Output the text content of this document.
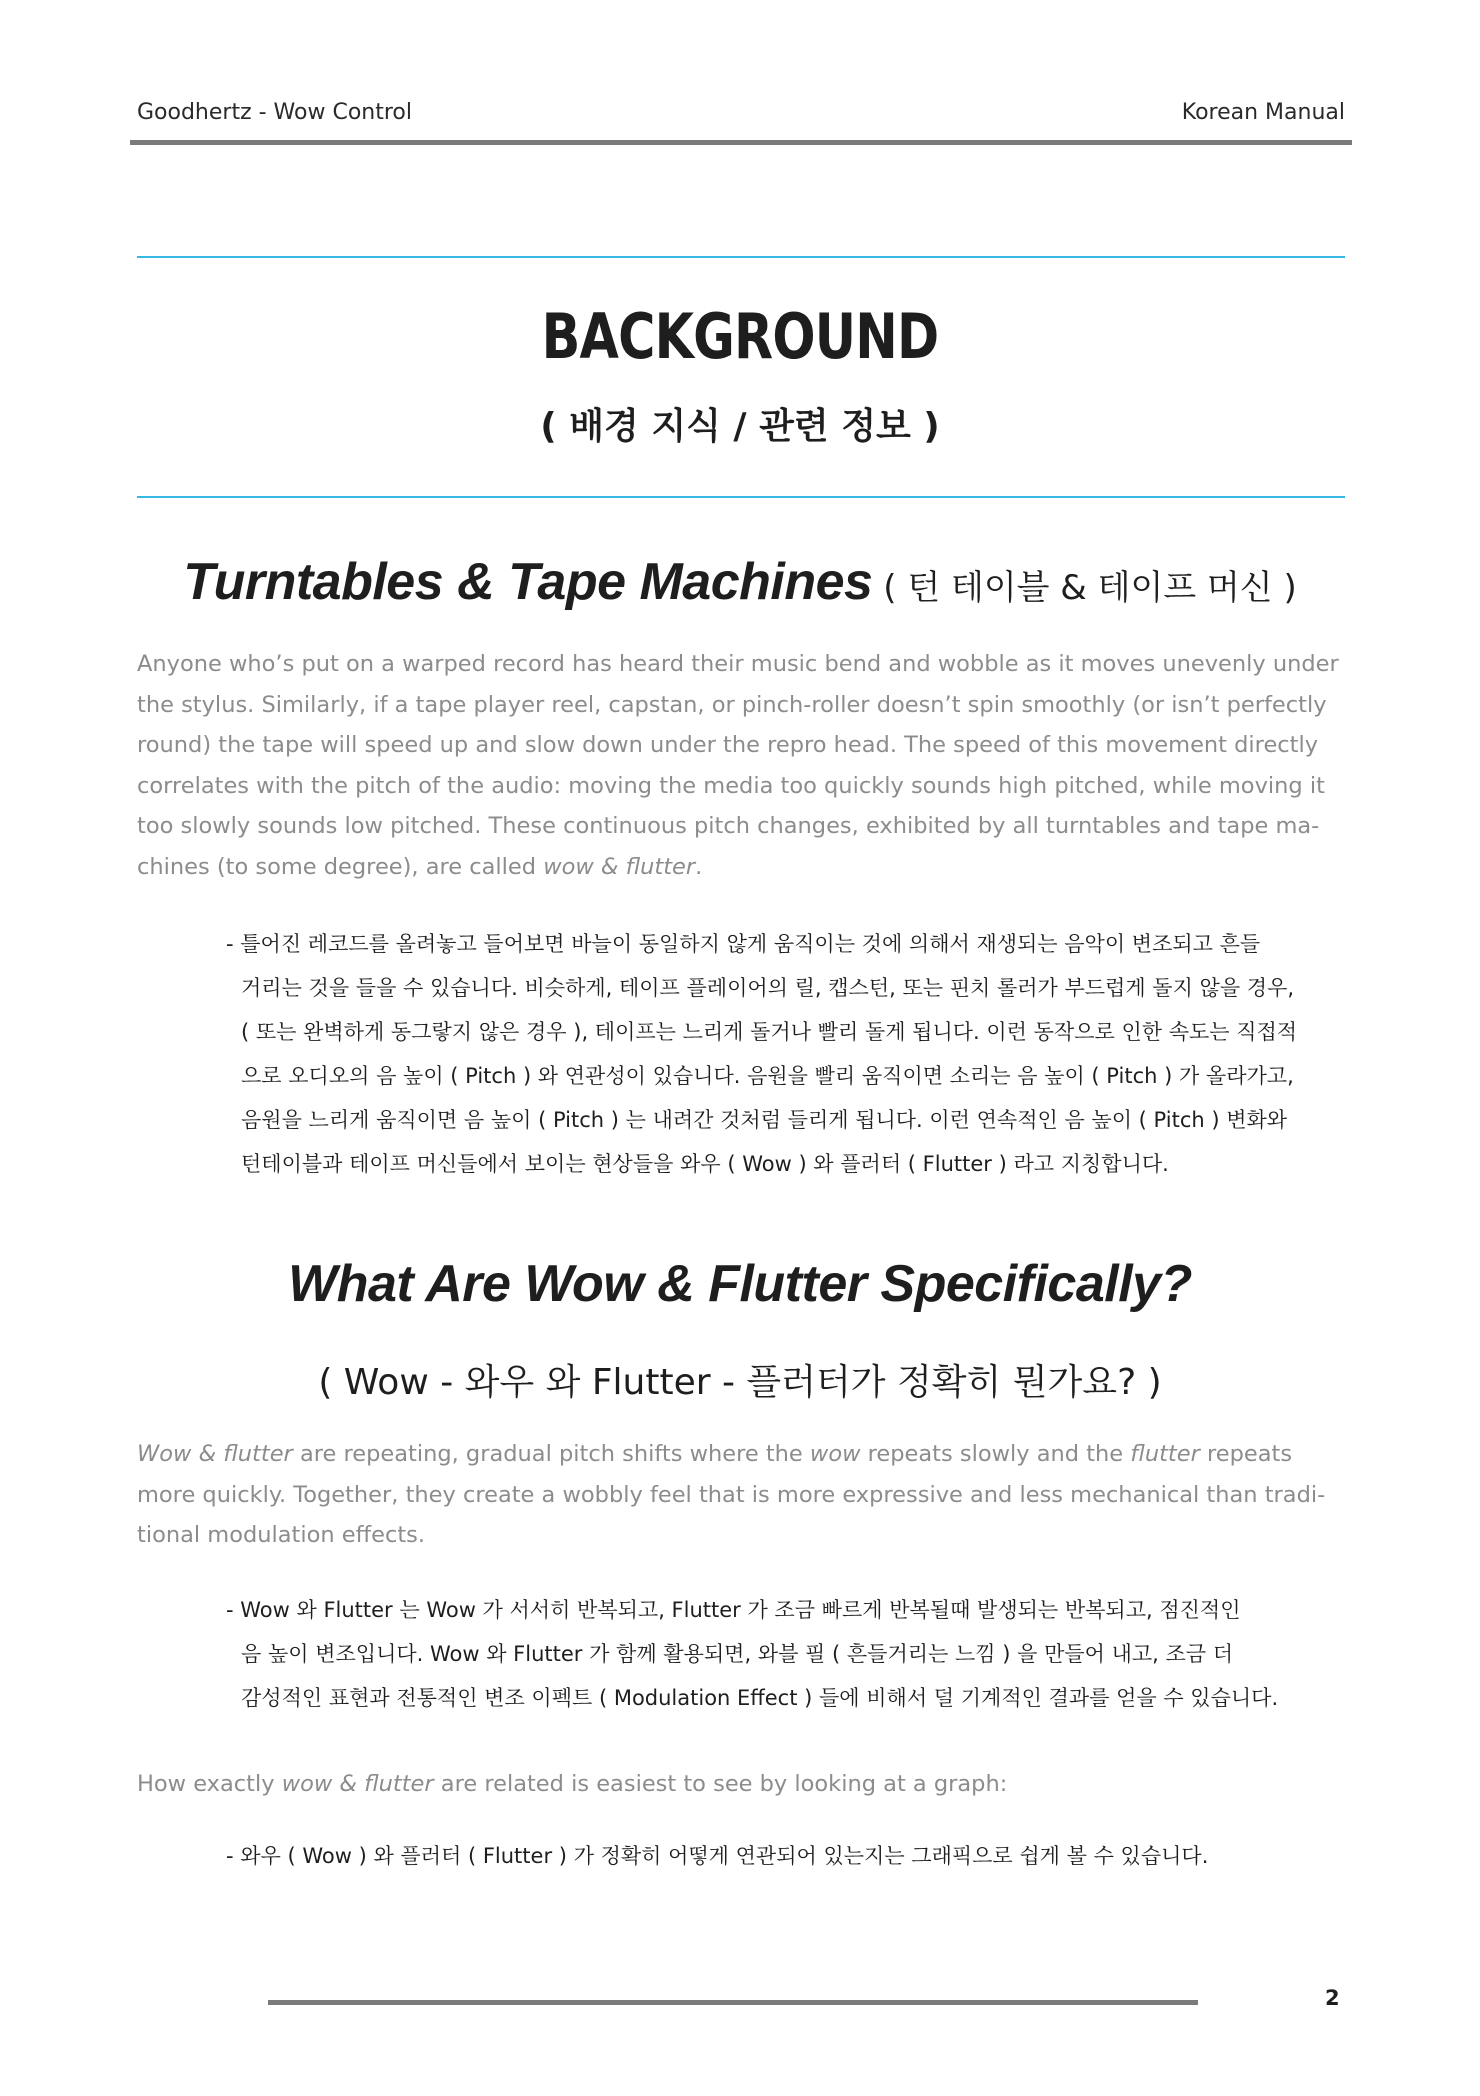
Goodhertz - Wow Control	Korean Manual
BACKGROUND
( 배경 지식 / 관련 정보 )
Turntables & Tape Machines ( 턴 테이블 & 테이프 머신 )
Anyone who’s put on a warped record has heard their music bend and wobble as it moves unevenly under
the stylus. Similarly, if a tape player reel, capstan, or pinch-roller doesn’t spin smoothly (or isn’t perfectly
round) the tape will speed up and slow down under the repro head. The speed of this movement directly
correlates with the pitch of the audio: moving the media too quickly sounds high pitched, while moving it
too slowly sounds low pitched. These continuous pitch changes, exhibited by all turntables and tape ma-
chines (to some degree), are called wow & flutter.
- 틀어진 레코드를 올려놓고 들어보면 바늘이 동일하지 않게 움직이는 것에 의해서 재생되는 음악이 변조되고 흔들
거리는 것을 들을 수 있습니다. 비슷하게, 테이프 플레이어의 릴, 캡스턴, 또는 핀치 롤러가 부드럽게 돌지 않을 경우,
( 또는 완벽하게 동그랗지 않은 경우 ), 테이프는 느리게 돌거나 빨리 돌게 됩니다. 이런 동작으로 인한 속도는 직접적
으로 오디오의 음 높이 ( Pitch ) 와 연관성이 있습니다. 음원을 빨리 움직이면 소리는 음 높이 ( Pitch ) 가 올라가고,
음원을 느리게 움직이면 음 높이 ( Pitch ) 는 내려간 것처럼 들리게 됩니다. 이런 연속적인 음 높이 ( Pitch ) 변화와
턴테이블과 테이프 머신들에서 보이는 현상들을 와우 ( Wow ) 와 플러터 ( Flutter ) 라고 지칭합니다.
What Are Wow & Flutter Specifically?
( Wow - 와우 와 Flutter - 플러터가 정확히 뭔가요? )
Wow & flutter are repeating, gradual pitch shifts where the wow repeats slowly and the flutter repeats
more quickly. Together, they create a wobbly feel that is more expressive and less mechanical than tradi-
tional modulation effects.
- Wow 와 Flutter 는 Wow 가 서서히 반복되고, Flutter 가 조금 빠르게 반복될때 발생되는 반복되고, 점진적인
음 높이 변조입니다. Wow 와 Flutter 가 함께 활용되면, 와블 필 ( 흔들거리는 느낌 ) 을 만들어 내고, 조금 더
감성적인 표현과 전통적인 변조 이펙트 ( Modulation Effect ) 들에 비해서 덜 기계적인 결과를 얻을 수 있습니다.
How exactly wow & flutter are related is easiest to see by looking at a graph:
- 와우 ( Wow ) 와 플러터 ( Flutter ) 가 정확히 어떻게 연관되어 있는지는 그래픽으로 쉽게 볼 수 있습니다.
2
